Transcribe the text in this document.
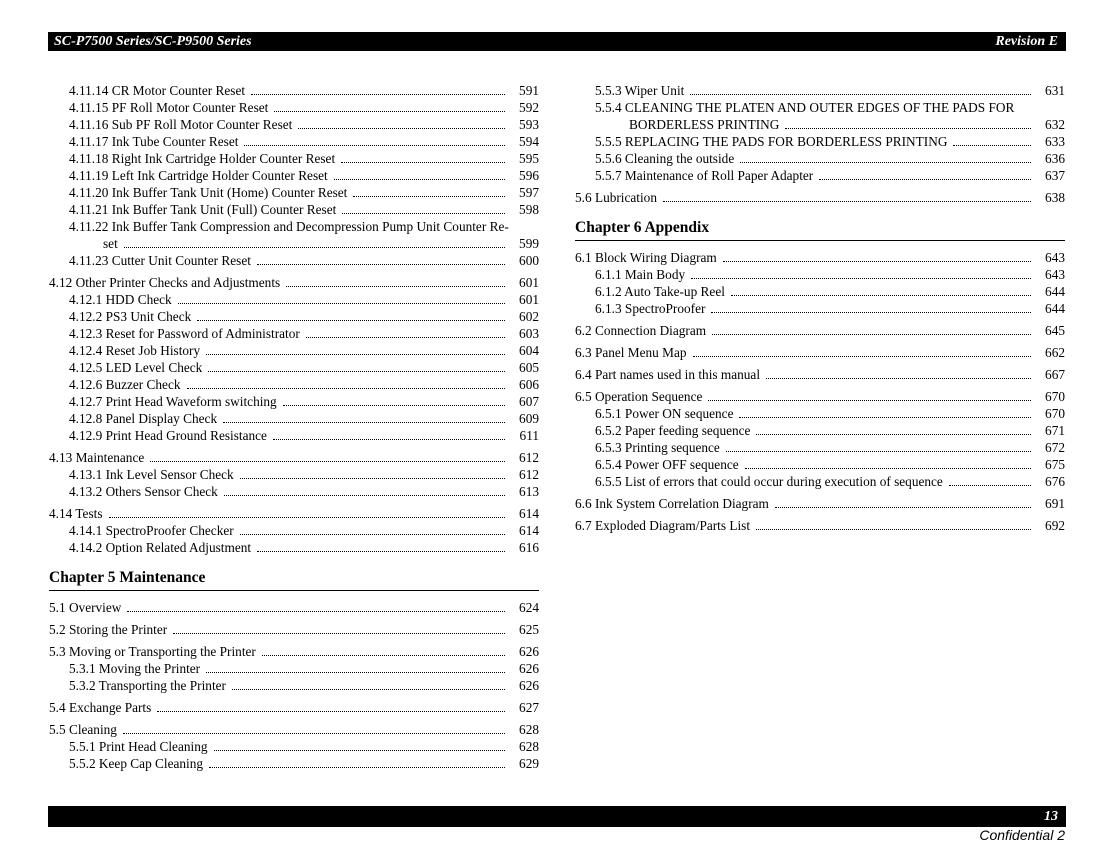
SC-P7500 Series/SC-P9500 Series	Revision E
4.11.14 CR Motor Counter Reset	591
4.11.15 PF Roll Motor Counter Reset	592
4.11.16 Sub PF Roll Motor Counter Reset	593
4.11.17 Ink Tube Counter Reset	594
4.11.18 Right Ink Cartridge Holder Counter Reset	595
4.11.19 Left Ink Cartridge Holder Counter Reset	596
4.11.20 Ink Buffer Tank Unit (Home) Counter Reset	597
4.11.21 Ink Buffer Tank Unit (Full) Counter Reset	598
4.11.22 Ink Buffer Tank Compression and Decompression Pump Unit Counter Re-
set	599
4.11.23 Cutter Unit Counter Reset	600
4.12 Other Printer Checks and Adjustments	601
4.12.1 HDD Check	601
4.12.2 PS3 Unit Check	602
4.12.3 Reset for Password of Administrator	603
4.12.4 Reset Job History	604
4.12.5 LED Level Check	605
4.12.6 Buzzer Check	606
4.12.7 Print Head Waveform switching	607
4.12.8 Panel Display Check	609
4.12.9 Print Head Ground Resistance	611
4.13 Maintenance	612
4.13.1 Ink Level Sensor Check	612
4.13.2 Others Sensor Check	613
4.14 Tests	614
4.14.1 SpectroProofer Checker	614
4.14.2 Option Related Adjustment	616
Chapter 5 Maintenance
5.1 Overview	624
5.2 Storing the Printer	625
5.3 Moving or Transporting the Printer	626
5.3.1 Moving the Printer	626
5.3.2 Transporting the Printer	626
5.4 Exchange Parts	627
5.5 Cleaning	628
5.5.1 Print Head Cleaning	628
5.5.2 Keep Cap Cleaning	629
5.5.3 Wiper Unit	631
5.5.4 CLEANING THE PLATEN AND OUTER EDGES OF THE PADS FOR
BORDERLESS PRINTING	632
5.5.5 REPLACING THE PADS FOR BORDERLESS PRINTING	633
5.5.6 Cleaning the outside	636
5.5.7 Maintenance of Roll Paper Adapter	637
5.6 Lubrication	638
Chapter 6 Appendix
6.1 Block Wiring Diagram	643
6.1.1 Main Body	643
6.1.2 Auto Take-up Reel	644
6.1.3 SpectroProofer	644
6.2 Connection Diagram	645
6.3 Panel Menu Map	662
6.4 Part names used in this manual	667
6.5 Operation Sequence	670
6.5.1 Power ON sequence	670
6.5.2 Paper feeding sequence	671
6.5.3 Printing sequence	672
6.5.4 Power OFF sequence	675
6.5.5 List of errors that could occur during execution of sequence	676
6.6 Ink System Correlation Diagram	691
6.7 Exploded Diagram/Parts List	692
13
Confidential 2
